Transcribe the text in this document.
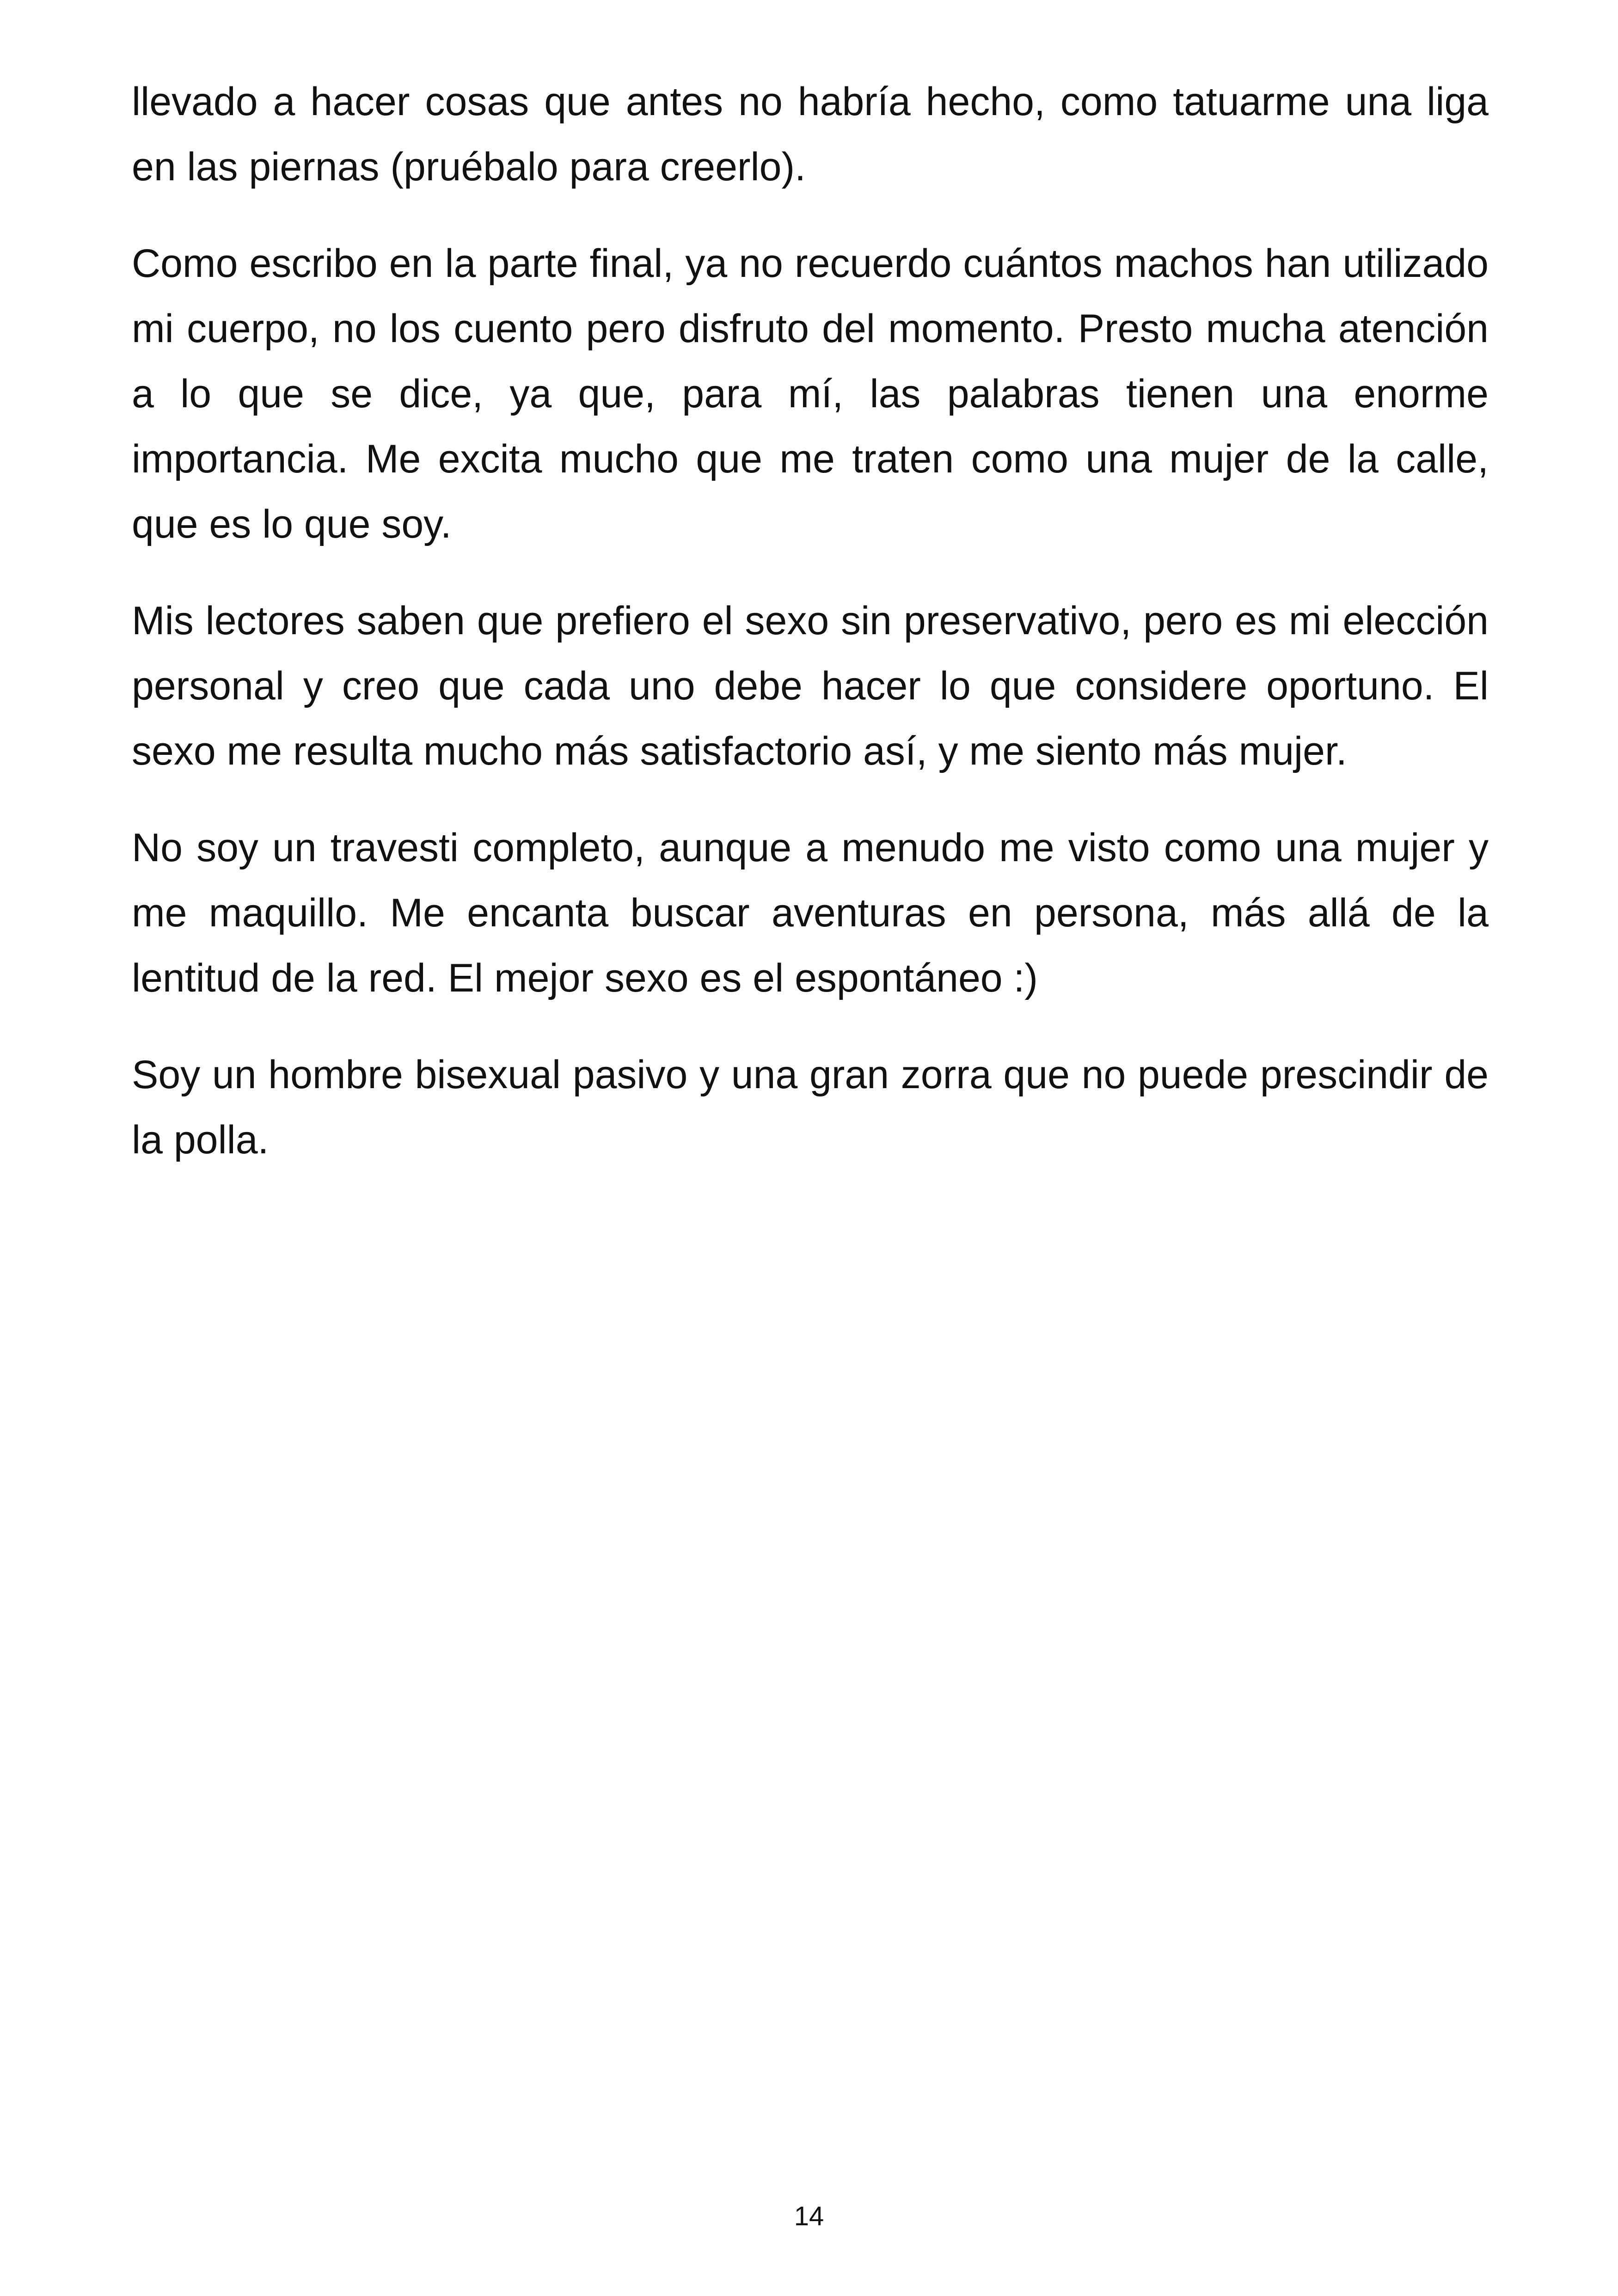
llevado a hacer cosas que antes no habría hecho, como tatuarme una liga en las piernas (pruébalo para creerlo).

Como escribo en la parte final, ya no recuerdo cuántos machos han utilizado mi cuerpo, no los cuento pero disfruto del momento. Presto mucha atención a lo que se dice, ya que, para mí, las palabras tienen una enorme importancia. Me excita mucho que me traten como una mujer de la calle, que es lo que soy.

Mis lectores saben que prefiero el sexo sin preservativo, pero es mi elección personal y creo que cada uno debe hacer lo que considere oportuno. El sexo me resulta mucho más satisfactorio así, y me siento más mujer.

No soy un travesti completo, aunque a menudo me visto como una mujer y me maquillo. Me encanta buscar aventuras en persona, más allá de la lentitud de la red. El mejor sexo es el espontáneo :)

Soy un hombre bisexual pasivo y una gran zorra que no puede prescindir de la polla.

14
